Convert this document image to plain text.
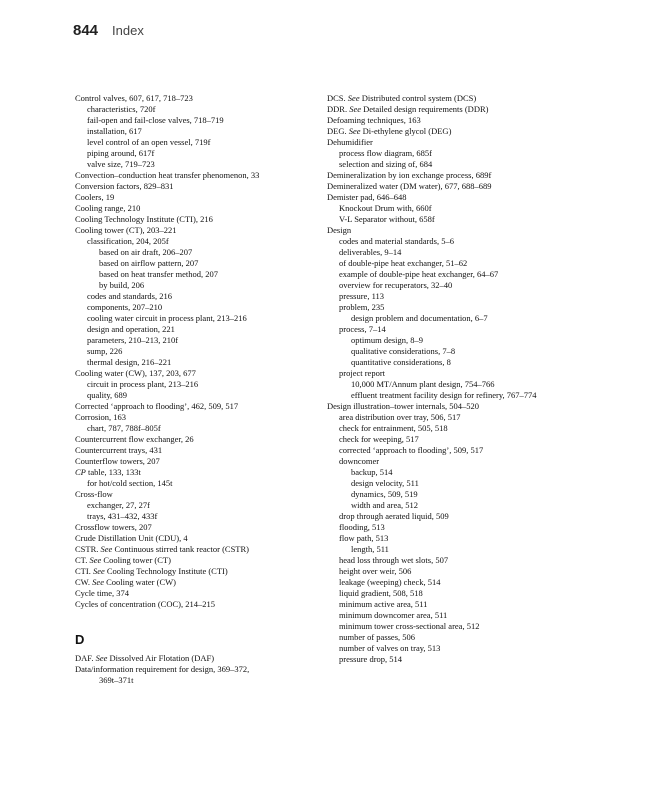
844 Index
Control valves, 607, 617, 718–723
characteristics, 720f
fail-open and fail-close valves, 718–719
installation, 617
level control of an open vessel, 719f
piping around, 617f
valve size, 719–723
Convection–conduction heat transfer phenomenon, 33
Conversion factors, 829–831
Coolers, 19
Cooling range, 210
Cooling Technology Institute (CTI), 216
Cooling tower (CT), 203–221
classification, 204, 205f
based on air draft, 206–207
based on airflow pattern, 207
based on heat transfer method, 207
by build, 206
codes and standards, 216
components, 207–210
cooling water circuit in process plant, 213–216
design and operation, 221
parameters, 210–213, 210f
sump, 226
thermal design, 216–221
Cooling water (CW), 137, 203, 677
circuit in process plant, 213–216
quality, 689
Corrected ‘approach to flooding’, 462, 509, 517
Corrosion, 163
chart, 787, 788f–805f
Countercurrent flow exchanger, 26
Countercurrent trays, 431
Counterflow towers, 207
CP table, 133, 133t
for hot/cold section, 145t
Cross-flow
exchanger, 27, 27f
trays, 431–432, 433f
Crossflow towers, 207
Crude Distillation Unit (CDU), 4
CSTR. See Continuous stirred tank reactor (CSTR)
CT. See Cooling tower (CT)
CTI. See Cooling Technology Institute (CTI)
CW. See Cooling water (CW)
Cycle time, 374
Cycles of concentration (COC), 214–215
D
DAF. See Dissolved Air Flotation (DAF)
Data/information requirement for design, 369–372,
369t–371t
DCS. See Distributed control system (DCS)
DDR. See Detailed design requirements (DDR)
Defoaming techniques, 163
DEG. See Di-ethylene glycol (DEG)
Dehumidifier
process flow diagram, 685f
selection and sizing of, 684
Demineralization by ion exchange process, 689f
Demineralized water (DM water), 677, 688–689
Demister pad, 646–648
Knockout Drum with, 660f
V-L Separator without, 658f
Design
codes and material standards, 5–6
deliverables, 9–14
of double-pipe heat exchanger, 51–62
example of double-pipe heat exchanger, 64–67
overview for recuperators, 32–40
pressure, 113
problem, 235
design problem and documentation, 6–7
process, 7–14
optimum design, 8–9
qualitative considerations, 7–8
quantitative considerations, 8
project report
10,000 MT/Annum plant design, 754–766
effluent treatment facility design for refinery, 767–774
Design illustration–tower internals, 504–520
area distribution over tray, 506, 517
check for entrainment, 505, 518
check for weeping, 517
corrected ‘approach to flooding’, 509, 517
downcomer
backup, 514
design velocity, 511
dynamics, 509, 519
width and area, 512
drop through aerated liquid, 509
flooding, 513
flow path, 513
length, 511
head loss through wet slots, 507
height over weir, 506
leakage (weeping) check, 514
liquid gradient, 508, 518
minimum active area, 511
minimum downcomer area, 511
minimum tower cross-sectional area, 512
number of passes, 506
number of valves on tray, 513
pressure drop, 514
